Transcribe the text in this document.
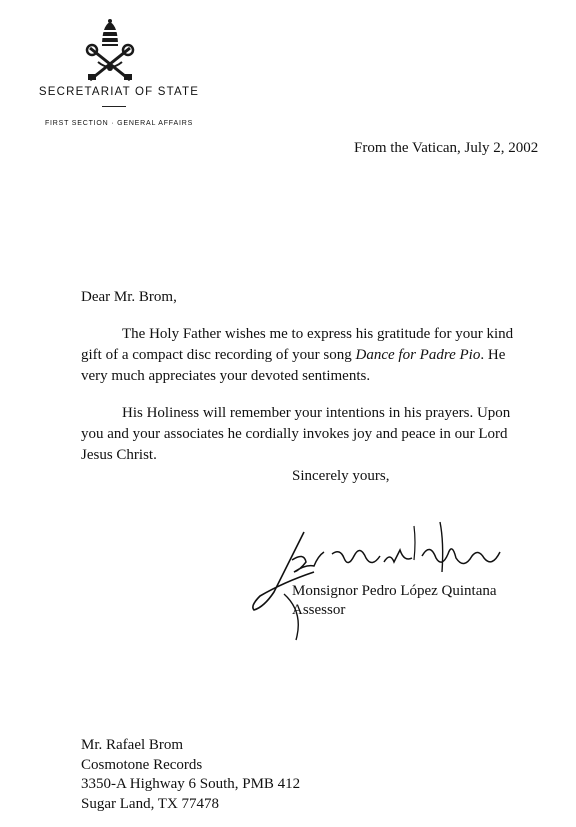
SECRETARIAT OF STATE
FIRST SECTION · GENERAL AFFAIRS
From the Vatican, July 2, 2002
Dear Mr. Brom,
The Holy Father wishes me to express his gratitude for your kind gift of a compact disc recording of your song Dance for Padre Pio. He very much appreciates your devoted sentiments.
His Holiness will remember your intentions in his prayers. Upon you and your associates he cordially invokes joy and peace in our Lord Jesus Christ.
Sincerely yours,
Monsignor Pedro López Quintana
Assessor
Mr. Rafael Brom
Cosmotone Records
3350-A Highway 6 South, PMB 412
Sugar Land, TX 77478
